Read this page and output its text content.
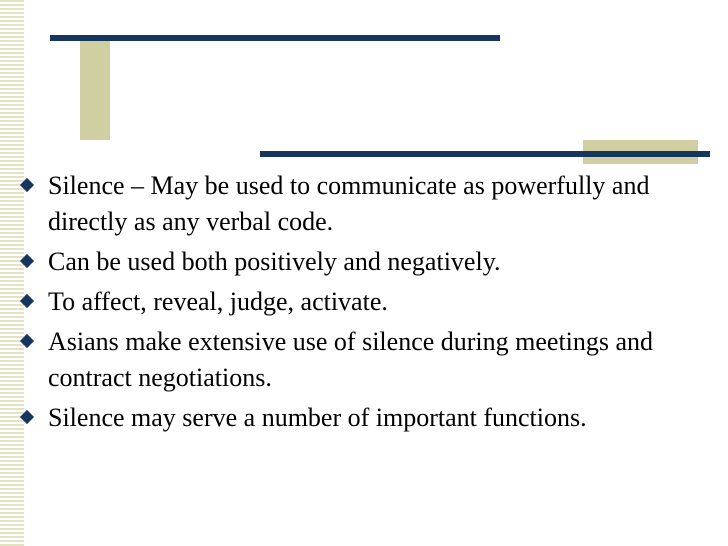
Silence – May be used to communicate as powerfully and directly as any verbal code.
Can be used both positively and negatively.
To affect, reveal, judge, activate.
Asians make extensive use of silence during meetings and contract negotiations.
Silence may serve a number of important functions.
